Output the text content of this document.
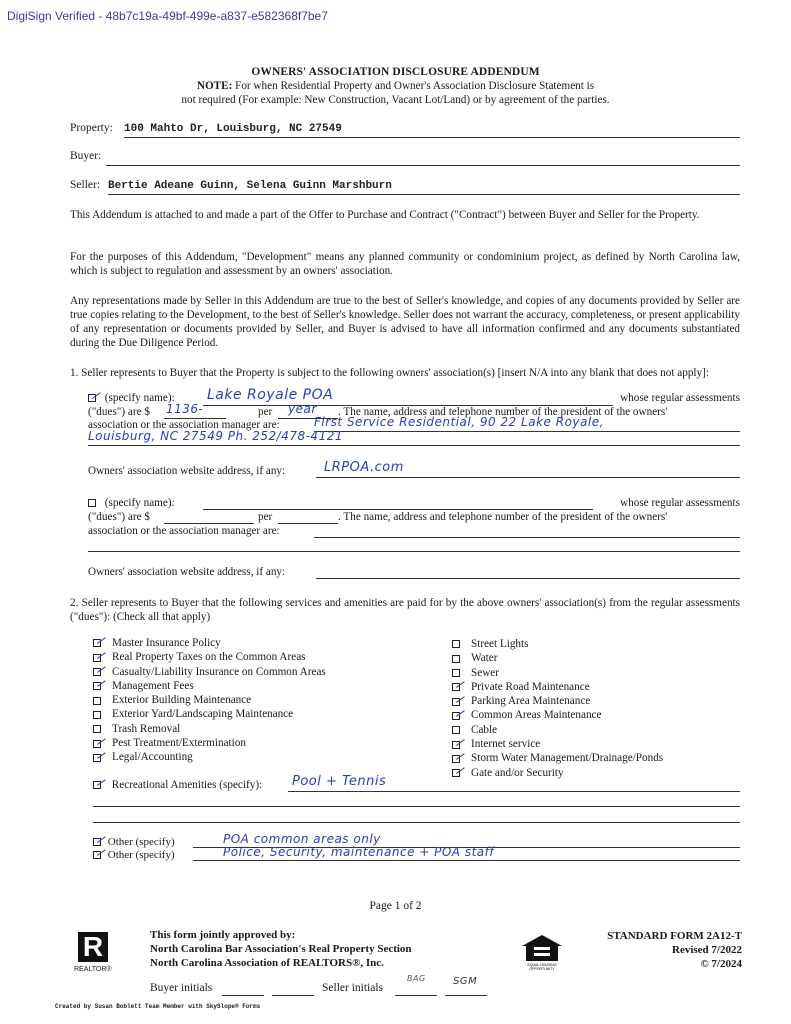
DigiSign Verified - 48b7c19a-49bf-499e-a837-e582368f7be7
OWNERS' ASSOCIATION DISCLOSURE ADDENDUM
NOTE: For when Residential Property and Owner's Association Disclosure Statement is
not required (For example: New Construction, Vacant Lot/Land) or by agreement of the parties.
Property: 100 Mahto Dr, Louisburg, NC 27549
Buyer:
Seller: Bertie Adeane Guinn, Selena Guinn Marshburn
This Addendum is attached to and made a part of the Offer to Purchase and Contract ("Contract") between Buyer and Seller for the Property.
For the purposes of this Addendum, "Development" means any planned community or condominium project, as defined by North Carolina law, which is subject to regulation and assessment by an owners' association.
Any representations made by Seller in this Addendum are true to the best of Seller's knowledge, and copies of any documents provided by Seller are true copies relating to the Development, to the best of Seller's knowledge. Seller does not warrant the accuracy, completeness, or present applicability of any representation or documents provided by Seller, and Buyer is advised to have all information confirmed and any documents substantiated during the Due Diligence Period.
1. Seller represents to Buyer that the Property is subject to the following owners' association(s) [insert N/A into any blank that does not apply]:
(specify name): Lake Royale POA	whose regular assessments
("dues") are $ 1136-	per year . The name, address and telephone number of the president of the owners'
association or the association manager are:	First Service Residential, 90 22 Lake Royale,
Louisburg, NC 27549 Ph. 252/478-4121
Owners' association website address, if any:	LRPOA.com
(specify name):	whose regular assessments
("dues") are $	per	. The name, address and telephone number of the president of the owners'
association or the association manager are:
Owners' association website address, if any:
2. Seller represents to Buyer that the following services and amenities are paid for by the above owners' association(s) from the regular assessments ("dues"): (Check all that apply)
Master Insurance Policy
Real Property Taxes on the Common Areas
Casualty/Liability Insurance on Common Areas
Management Fees
Exterior Building Maintenance
Exterior Yard/Landscaping Maintenance
Trash Removal
Pest Treatment/Extermination
Legal/Accounting
Street Lights
Water
Sewer
Private Road Maintenance
Parking Area Maintenance
Common Areas Maintenance
Cable
Internet service
Storm Water Management/Drainage/Ponds
Gate and/or Security
Recreational Amenities (specify): Pool + Tennis
Other (specify)	POA common areas only
Other (specify)	Police, Security, maintenance + POA staff
Page 1 of 2
R
REALTOR®
This form jointly approved by:
North Carolina Bar Association's Real Property Section
North Carolina Association of REALTORS®, Inc.
Buyer initials	Seller initials
BAG	SGM
EQUAL HOUSING
OPPORTUNITY
STANDARD FORM 2A12-T
Revised 7/2022
© 7/2024
Created by Susan Boblett Team Member with SkySlope® Forms
